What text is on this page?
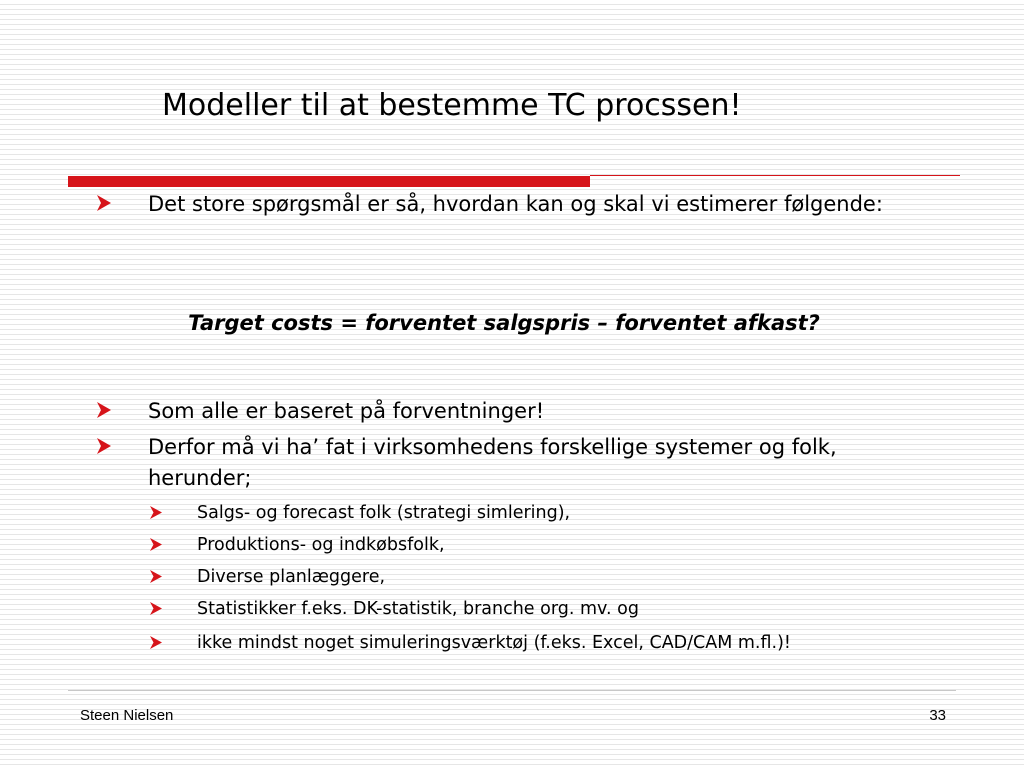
Modeller til at bestemme TC procssen!
Det store spørgsmål er så, hvordan kan og skal vi estimerer følgende:
Target costs = forventet salgspris – forventet afkast?
Som alle er baseret på forventninger!
Derfor må vi ha’ fat i virksomhedens forskellige systemer og folk, herunder;
Salgs- og forecast folk (strategi simlering),
Produktions- og indkøbsfolk,
Diverse planlæggere,
Statistikker f.eks. DK-statistik, branche org. mv. og
ikke mindst noget simuleringsværktøj (f.eks. Excel, CAD/CAM m.fl.)!
Steen Nielsen	33
